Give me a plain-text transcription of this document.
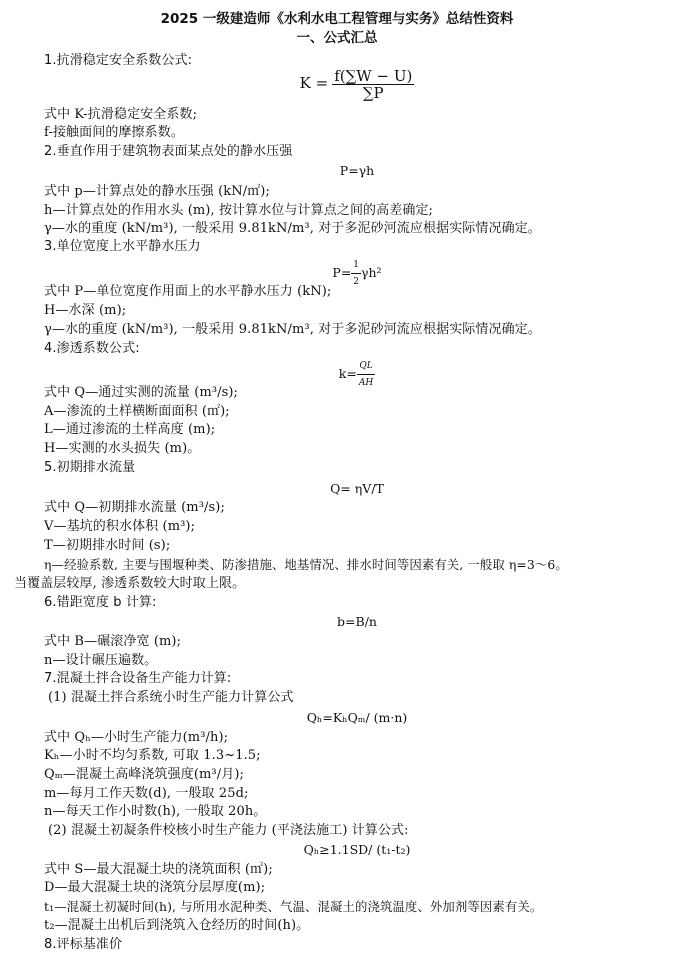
2025 一级建造师《水利水电工程管理与实务》总结性资料
一、公式汇总
1.抗滑稳定安全系数公式:
$K = \frac{f(\sum W - U)}{\sum P}$
式中 K-抗滑稳定安全系数;
f-接触面间的摩擦系数。
2.垂直作用于建筑物表面某点处的静水压强
P=γh
式中 p—计算点处的静水压强 (kN/㎡);
h—计算点处的作用水头 (m), 按计算水位与计算点之间的高差确定;
γ—水的重度 (kN/m³), 一般采用 9.81kN/m³, 对于多泥砂河流应根据实际情况确定。
3.单位宽度上水平静水压力
$P= \frac{1}{2} \gamma h^2$
式中 P—单位宽度作用面上的水平静水压力 (kN);
H—水深 (m);
γ—水的重度 (kN/m³), 一般采用 9.81kN/m³, 对于多泥砂河流应根据实际情况确定。
4.渗透系数公式:
$k= \frac{QL}{AH}$
式中 Q—通过实测的流量 (m³/s);
A—渗流的土样横断面面积 (㎡);
L—通过渗流的土样高度 (m);
H—实测的水头损失 (m)。
5.初期排水流量
Q= ηV/T
式中 Q—初期排水流量 (m³/s);
V—基坑的积水体积 (m³);
T—初期排水时间 (s);
η—经验系数, 主要与围堰种类、防渗措施、地基情况、排水时间等因素有关, 一般取 η=3～6。
当覆盖层较厚, 渗透系数较大时取上限。
6.错距宽度 b 计算:
b=B/n
式中 B—碾滚净宽 (m);
n—设计碾压遍数。
7.混凝土拌合设备生产能力计算:
(1) 混凝土拌合系统小时生产能力计算公式
Qₕ=KₕQₘ/ (m·n)
式中 Qₕ—小时生产能力(m³/h);
Kₕ—小时不均匀系数, 可取 1.3~1.5;
Qₘ—混凝土高峰浇筑强度(m³/月);
m—每月工作天数(d), 一般取 25d;
n—每天工作小时数(h), 一般取 20h。
(2) 混凝土初凝条件校核小时生产能力 (平浇法施工) 计算公式:
Qₕ≥1.1SD/ (t₁-t₂)
式中 S—最大混凝土块的浇筑面积 (㎡);
D—最大混凝土块的浇筑分层厚度(m);
t₁—混凝土初凝时间(h), 与所用水泥种类、气温、混凝土的浇筑温度、外加剂等因素有关。
t₂—混凝土出机后到浇筑入仓经历的时间(h)。
8.评标基准价
